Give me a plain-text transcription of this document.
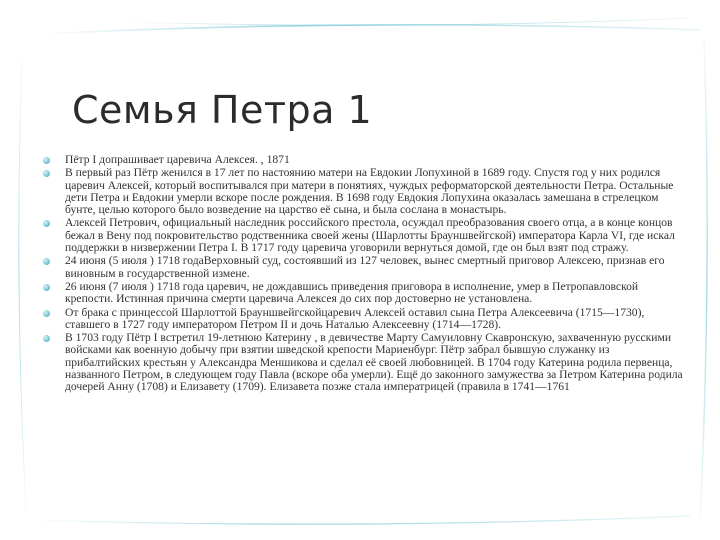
Семья Петра 1
Пётр I допрашивает царевича Алексея. , 1871
В первый раз Пётр женился в 17 лет по настоянию матери на Евдокии Лопухиной в 1689 году. Спустя год у них родился царевич Алексей, который воспитывался при матери в понятиях, чуждых реформаторской деятельности Петра. Остальные дети Петра и Евдокии умерли вскоре после рождения. В 1698 году Евдокия Лопухина оказалась замешана в стрелецком бунте, целью которого было возведение на царство её сына, и была сослана в монастырь.
Алексей Петрович, официальный наследник российского престола, осуждал преобразования своего отца, а в конце концов бежал в Вену под покровительство родственника своей жены (Шарлотты Брауншвейгской) императора Карла VI, где искал поддержки в низвержении Петра I. В 1717 году царевича уговорили вернуться домой, где он был взят под стражу.
24 июня (5 июля ) 1718 годаВерховный суд, состоявший из 127 человек, вынес смертный приговор Алексею, признав его виновным в государственной измене.
26 июня (7 июля ) 1718 года царевич, не дождавшись приведения приговора в исполнение, умер в Петропавловской крепости. Истинная причина смерти царевича Алексея до сих пор достоверно не установлена.
От брака с принцессой Шарлоттой Брауншвейгскойцаревич Алексей оставил сына Петра Алексеевича (1715—1730), ставшего в 1727 году императором Петром II и дочь Наталью Алексеевну (1714—1728).
В 1703 году Пётр I встретил 19-летнюю Катерину , в девичестве Марту Самуиловну Скавронскую, захваченную русскими войсками как военную добычу при взятии шведской крепости Мариенбург. Пётр забрал бывшую служанку из прибалтийских крестьян у Александра Меншикова и сделал её своей любовницей. В 1704 году Катерина родила первенца, названного Петром, в следующем году Павла (вскоре оба умерли). Ещё до законного замужества за Петром Катерина родила дочерей Анну (1708) и Елизавету (1709). Елизавета позже стала императрицей (правила в 1741—1761
